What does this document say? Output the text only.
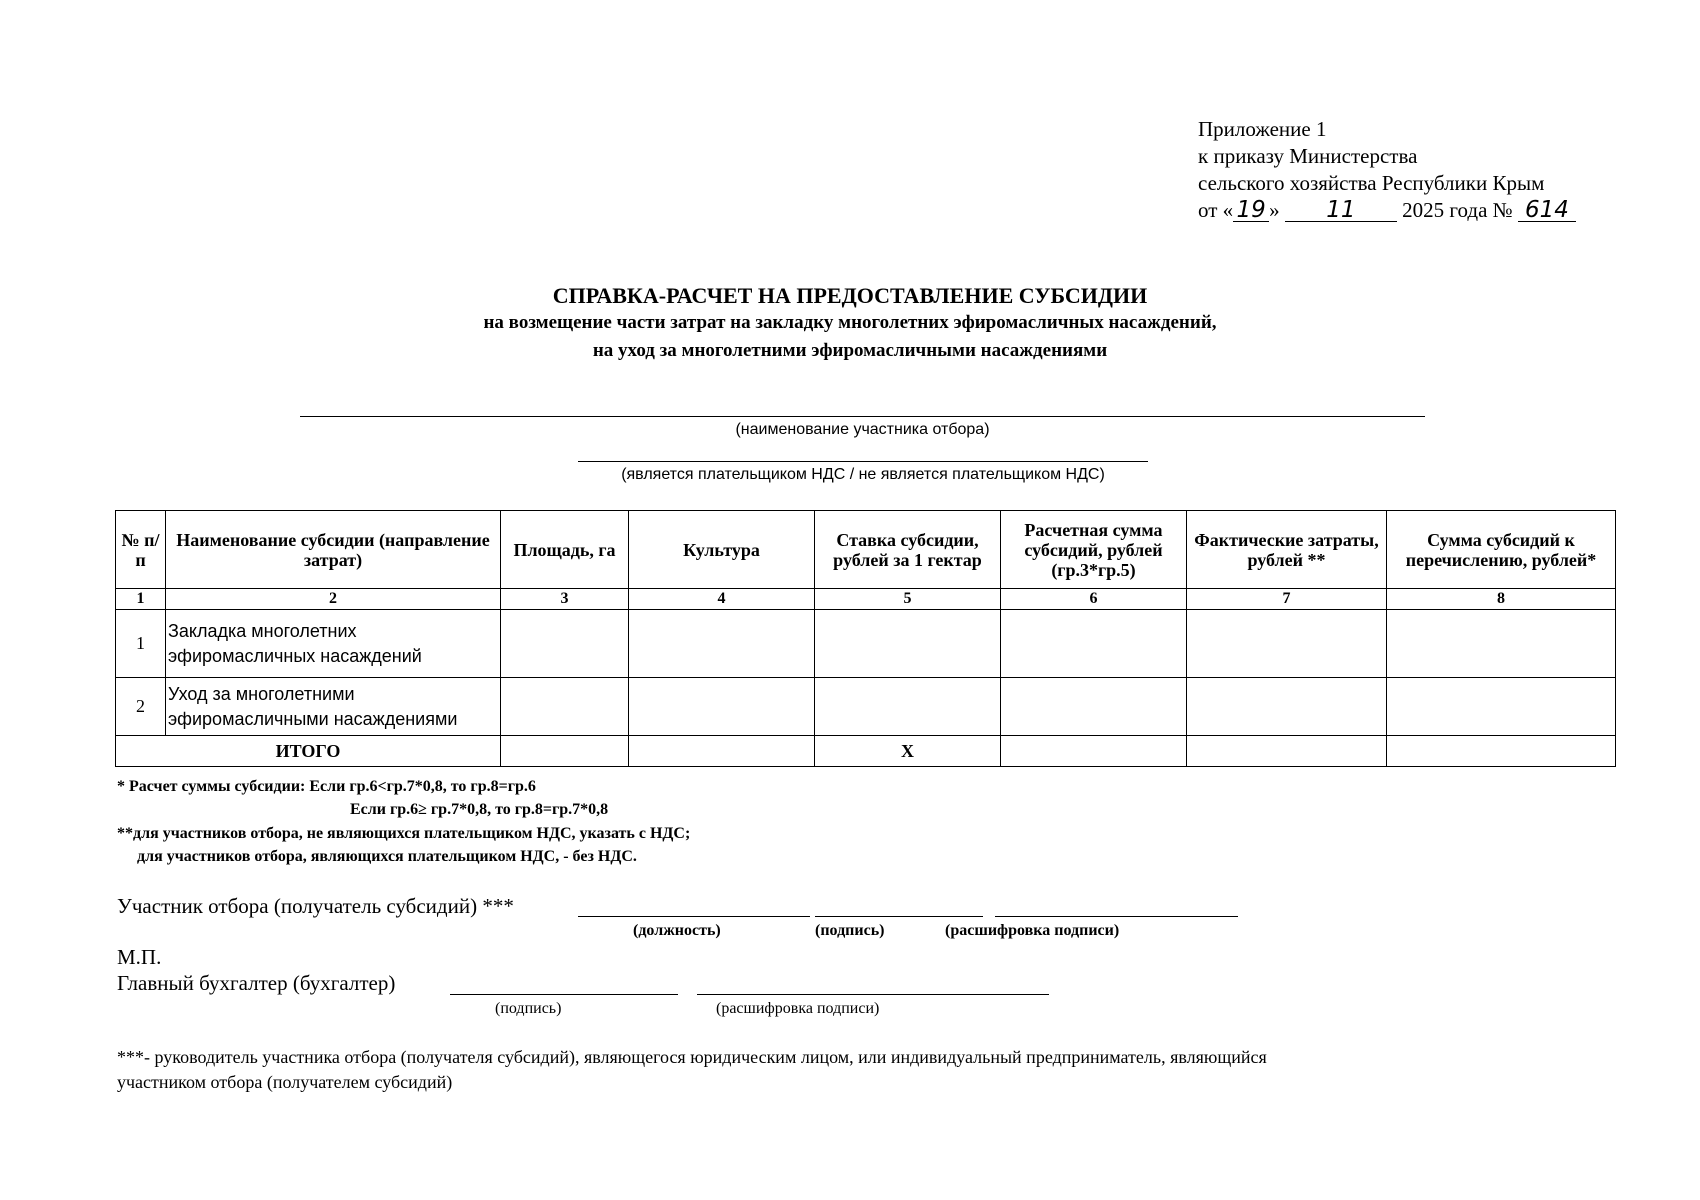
Приложение 1
к приказу Министерства
сельского хозяйства Республики Крым
от « 19 » 11 2025 года № 614
СПРАВКА-РАСЧЕТ НА ПРЕДОСТАВЛЕНИЕ СУБСИДИИ
на возмещение части затрат на закладку многолетних эфиромасличных насаждений,
на уход за многолетними эфиромасличными насаждениями
(наименование участника отбора)
(является плательщиком НДС / не является плательщиком НДС)
№ п/п	Наименование субсидии (направление затрат)	Площадь, га	Культура	Ставка субсидии, рублей за 1 гектар	Расчетная сумма субсидий, рублей (гр.3*гр.5)	Фактические затраты, рублей **	Сумма субсидий к перечислению, рублей*
1	2	3	4	5	6	7	8
1	Закладка многолетних эфиромасличных насаждений						
2	Уход за многолетними эфиромасличными насаждениями						
ИТОГО				Х			
* Расчет суммы субсидии: Если гр.6<гр.7*0,8, то гр.8=гр.6
Если гр.6≥ гр.7*0,8, то гр.8=гр.7*0,8
**для участников отбора, не являющихся плательщиком НДС, указать с НДС;
для участников отбора, являющихся плательщиком НДС, - без НДС.
Участник отбора (получатель субсидий) ***
(должность)	(подпись)	(расшифровка подписи)
М.П.
Главный бухгалтер (бухгалтер)
(подпись)	(расшифровка подписи)
***- руководитель участника отбора (получателя субсидий), являющегося юридическим лицом, или индивидуальный предприниматель, являющийся
участником отбора (получателем субсидий)
